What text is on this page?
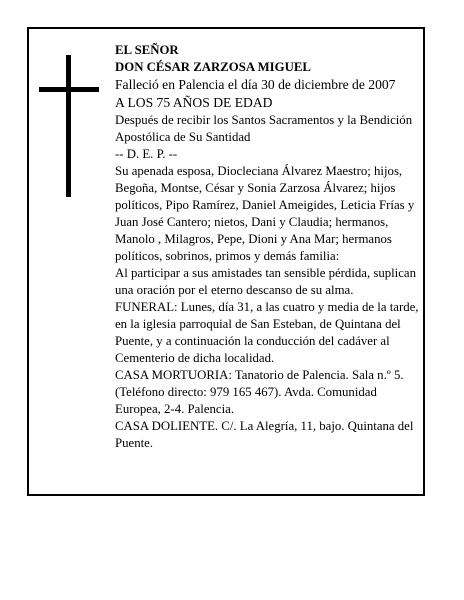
EL SEÑOR

DON CÉSAR ZARZOSA MIGUEL

Falleció en Palencia el día 30 de diciembre de 2007

A LOS 75 AÑOS DE EDAD

Después de recibir los Santos Sacramentos y la Bendición Apostólica de Su Santidad

-- D. E. P. --

Su apenada esposa, Diocleciana Álvarez Maestro; hijos, Begoña, Montse, César y Sonia Zarzosa Álvarez; hijos políticos, Pipo Ramírez, Daniel Ameigides, Leticia Frías y Juan José Cantero; nietos, Dani y Claudia; hermanos, Manolo , Milagros, Pepe, Dioni y Ana Mar; hermanos políticos, sobrinos, primos y demás familia:

Al participar a sus amistades tan sensible pérdida, suplican una oración por el eterno descanso de su alma.

FUNERAL: Lunes, día 31, a las cuatro y media de la tarde, en la iglesia parroquial de San Esteban, de Quintana del Puente, y a continuación la conducción del cadáver al Cementerio de dicha localidad.

CASA MORTUORIA: Tanatorio de Palencia. Sala n.º 5. (Teléfono directo: 979 165 467). Avda. Comunidad Europea, 2-4. Palencia.

CASA DOLIENTE. C/. La Alegría, 11, bajo. Quintana del Puente.
